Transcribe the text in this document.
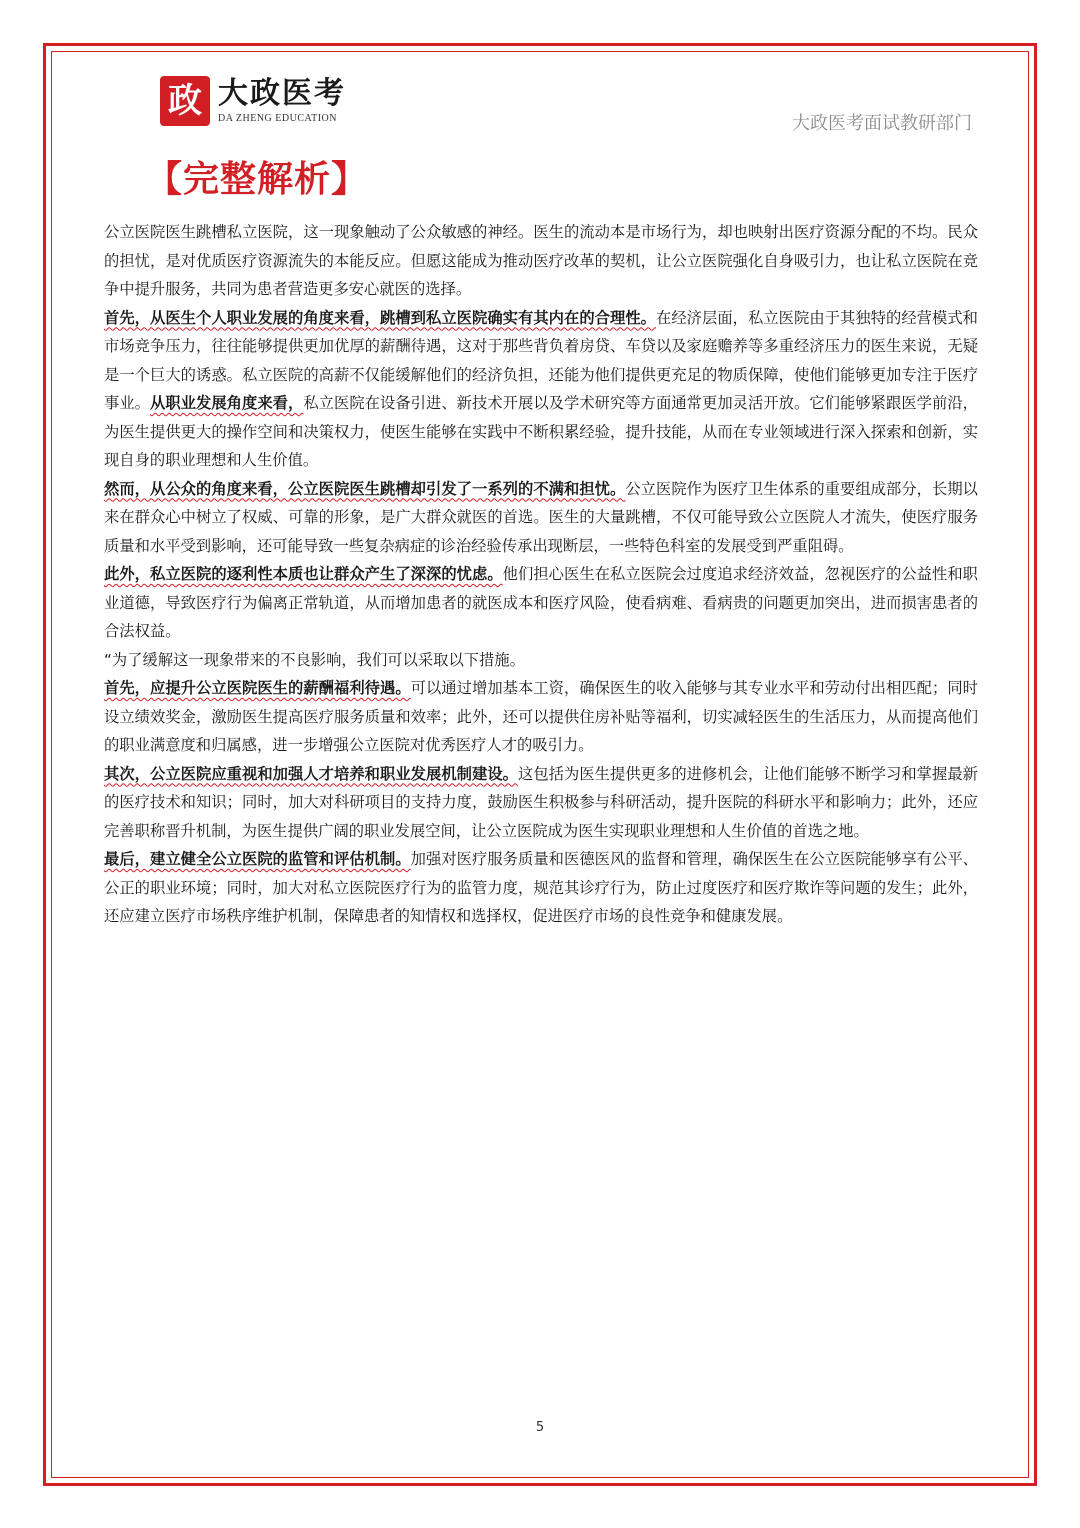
政 大政医考
DA ZHENG EDUCATION	大政医考面试教研部门
【完整解析】

公立医院医生跳槽私立医院，这一现象触动了公众敏感的神经。医生的流动本是市场行为，却也映射出医疗资源分配的不均。民众的担忧，是对优质医疗资源流失的本能反应。但愿这能成为推动医疗改革的契机，让公立医院强化自身吸引力，也让私立医院在竞争中提升服务，共同为患者营造更多安心就医的选择。

首先，从医生个人职业发展的角度来看，跳槽到私立医院确实有其内在的合理性。在经济层面，私立医院由于其独特的经营模式和市场竞争压力，往往能够提供更加优厚的薪酬待遇，这对于那些背负着房贷、车贷以及家庭赡养等多重经济压力的医生来说，无疑是一个巨大的诱惑。私立医院的高薪不仅能缓解他们的经济负担，还能为他们提供更充足的物质保障，使他们能够更加专注于医疗事业。从职业发展角度来看，私立医院在设备引进、新技术开展以及学术研究等方面通常更加灵活开放。它们能够紧跟医学前沿，为医生提供更大的操作空间和决策权力，使医生能够在实践中不断积累经验，提升技能，从而在专业领域进行深入探索和创新，实现自身的职业理想和人生价值。

然而，从公众的角度来看，公立医院医生跳槽却引发了一系列的不满和担忧。公立医院作为医疗卫生体系的重要组成部分，长期以来在群众心中树立了权威、可靠的形象，是广大群众就医的首选。医生的大量跳槽，不仅可能导致公立医院人才流失，使医疗服务质量和水平受到影响，还可能导致一些复杂病症的诊治经验传承出现断层，一些特色科室的发展受到严重阻碍。

此外，私立医院的逐利性本质也让群众产生了深深的忧虑。他们担心医生在私立医院会过度追求经济效益，忽视医疗的公益性和职业道德，导致医疗行为偏离正常轨道，从而增加患者的就医成本和医疗风险，使看病难、看病贵的问题更加突出，进而损害患者的合法权益。

“为了缓解这一现象带来的不良影响，我们可以采取以下措施。

首先，应提升公立医院医生的薪酬福利待遇。可以通过增加基本工资，确保医生的收入能够与其专业水平和劳动付出相匹配；同时设立绩效奖金，激励医生提高医疗服务质量和效率；此外，还可以提供住房补贴等福利，切实减轻医生的生活压力，从而提高他们的职业满意度和归属感，进一步增强公立医院对优秀医疗人才的吸引力。

其次，公立医院应重视和加强人才培养和职业发展机制建设。这包括为医生提供更多的进修机会，让他们能够不断学习和掌握最新的医疗技术和知识；同时，加大对科研项目的支持力度，鼓励医生积极参与科研活动，提升医院的科研水平和影响力；此外，还应完善职称晋升机制，为医生提供广阔的职业发展空间，让公立医院成为医生实现职业理想和人生价值的首选之地。

最后，建立健全公立医院的监管和评估机制。加强对医疗服务质量和医德医风的监督和管理，确保医生在公立医院能够享有公平、公正的职业环境；同时，加大对私立医院医疗行为的监管力度，规范其诊疗行为，防止过度医疗和医疗欺诈等问题的发生；此外，还应建立医疗市场秩序维护机制，保障患者的知情权和选择权，促进医疗市场的良性竞争和健康发展。

5
